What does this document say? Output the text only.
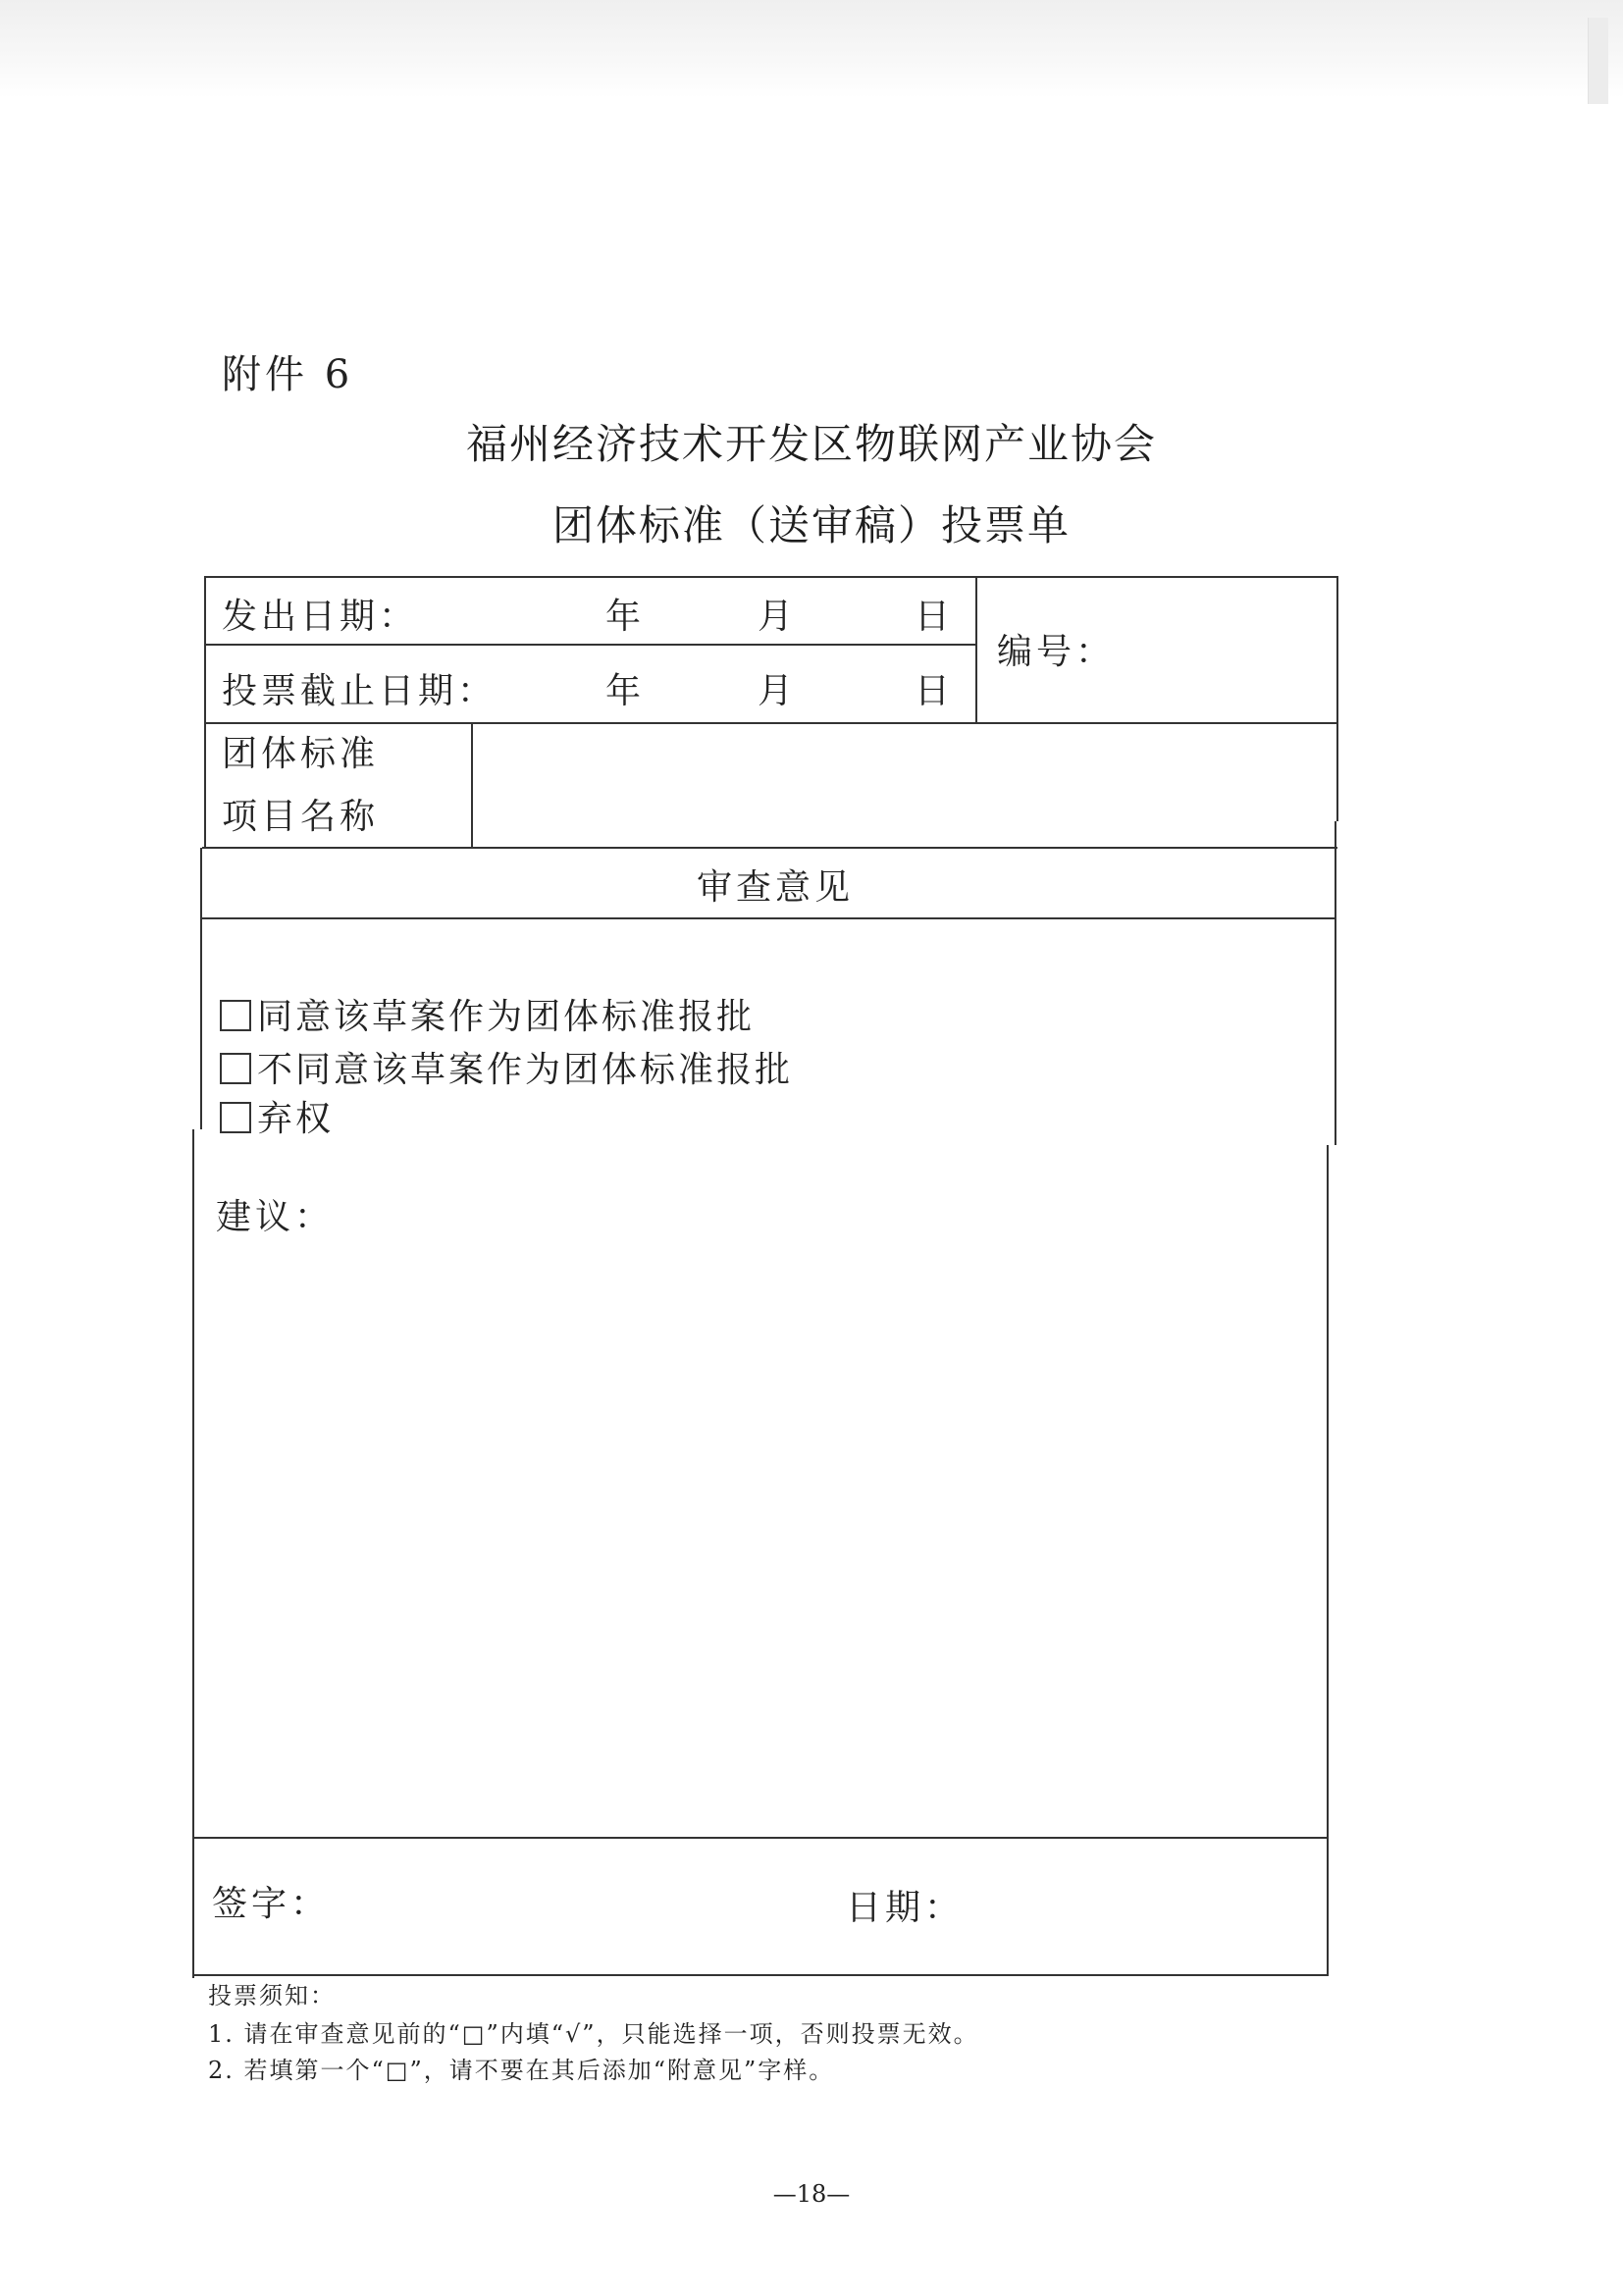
附件 6
福州经济技术开发区物联网产业协会
团体标准（送审稿）投票单
发出日期：	年	月	日
投票截止日期：	年	月	日
编号：
团体标准
项目名称
审查意见
同意该草案作为团体标准报批
不同意该草案作为团体标准报批
弃权
建议：
签字：	日期：
投票须知：
1. 请在审查意见前的“□”内填“√”，只能选择一项，否则投票无效。
2. 若填第一个“□”，请不要在其后添加“附意见”字样。
—18—
